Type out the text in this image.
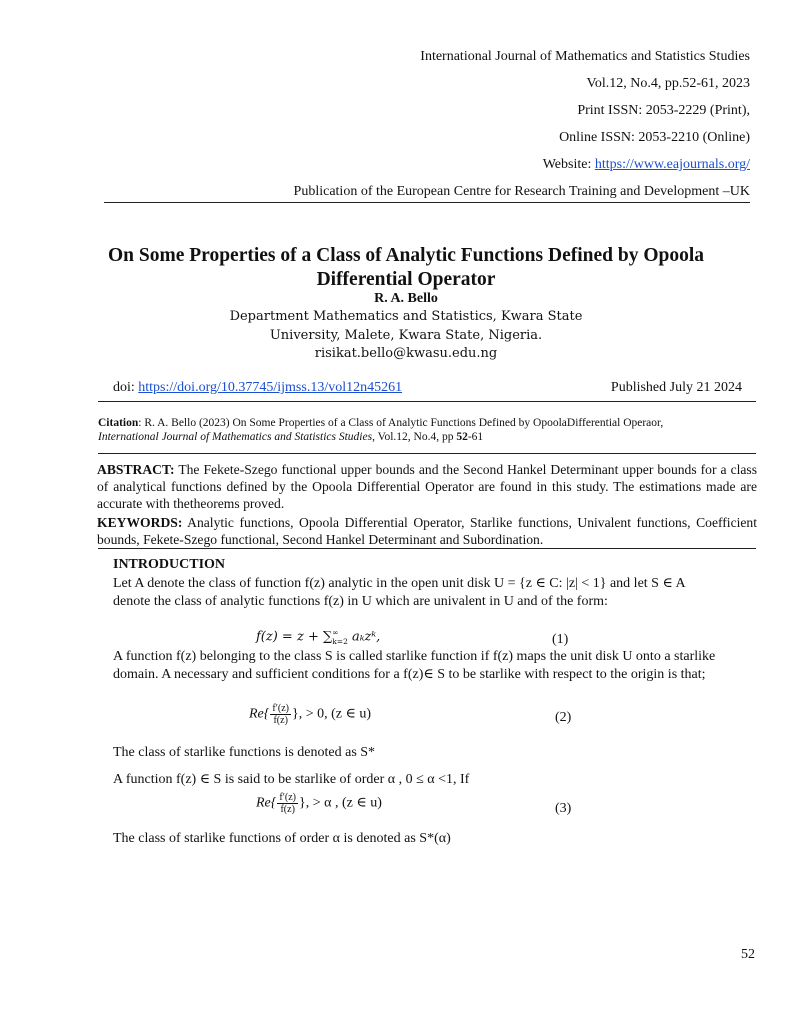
International Journal of Mathematics and Statistics Studies
Vol.12, No.4, pp.52-61, 2023
Print ISSN: 2053-2229 (Print),
Online ISSN: 2053-2210 (Online)
Website: https://www.eajournals.org/
Publication of the European Centre for Research Training and Development –UK
On Some Properties of a Class of Analytic Functions Defined by Opoola
Differential Operator
R. A. Bello
Department Mathematics and Statistics, Kwara State
University, Malete, Kwara State, Nigeria.
risikat.bello@kwasu.edu.ng
doi: https://doi.org/10.37745/ijmss.13/vol12n45261	Published July 21 2024
Citation: R. A. Bello (2023) On Some Properties of a Class of Analytic Functions Defined by OpoolaDifferential Operaor,
International Journal of Mathematics and Statistics Studies, Vol.12, No.4, pp 52-61
ABSTRACT: The Fekete-Szego functional upper bounds and the Second Hankel Determinant upper bounds for a class of analytical functions defined by the Opoola Differential Operator are found in this study. The estimations made are accurate with thetheorems proved.
KEYWORDS: Analytic functions, Opoola Differential Operator, Starlike functions, Univalent functions, Coefficient bounds, Fekete-Szego functional, Second Hankel Determinant and Subordination.
INTRODUCTION
Let A denote the class of function f(z) analytic in the open unit disk U = {z ∈ C: |z| < 1} and let S ∈ A
denote the class of analytic functions f(z) in U which are univalent in U and of the form:
f(z) = z + ∑ ∞
k=2 aₖzᵏ,	(1)
A function f(z) belonging to the class S is called starlike function if f(z) maps the unit disk U onto a starlike domain. A necessary and sufficient conditions for a f(z)∈ S to be starlike with respect to the origin is that;
$Re\{ \frac{f'(z)}{f(z)}$ }, > 0, (z ∈ u)	(2)
The class of starlike functions is denoted as S*
A function f(z) ∈ S is said to be starlike of order α , 0 ≤ α <1, If
$Re\{ \frac{f'(z)}{f(z)}$ }, > α , (z ∈ u)	(3)
The class of starlike functions of order α is denoted as S*(α)
52
